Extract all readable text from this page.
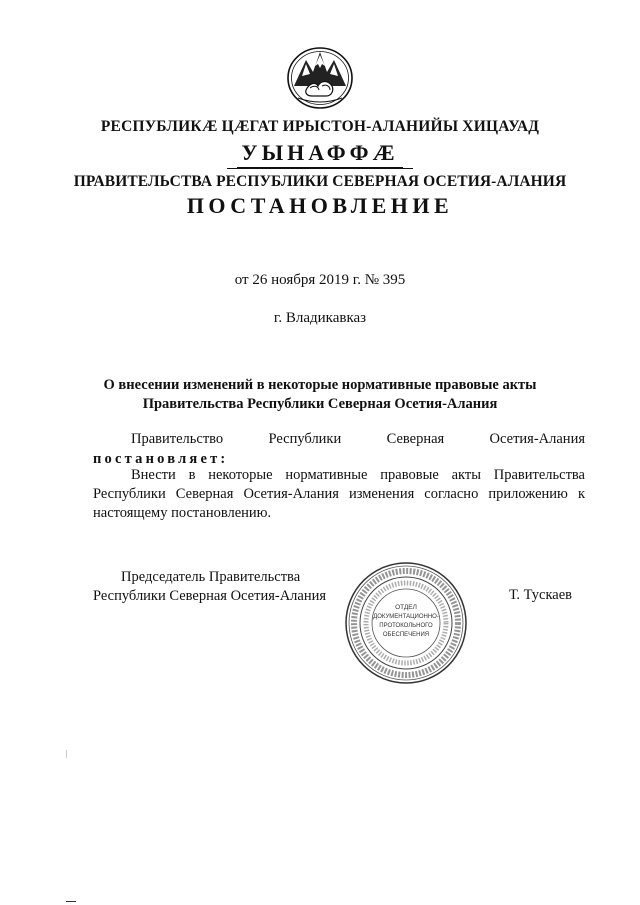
РЕСПУБЛИКӔ ЦӔГАТ ИРЫСТОН-АЛАНИЙЫ ХИЦАУАД
УЫНАФФӔ
ПРАВИТЕЛЬСТВА РЕСПУБЛИКИ СЕВЕРНАЯ ОСЕТИЯ-АЛАНИЯ
ПОСТАНОВЛЕНИЕ
от 26 ноября 2019 г. № 395
г. Владикавказ
О внесении изменений в некоторые нормативные правовые акты
Правительства Республики Северная Осетия-Алания
Правительство	Республики	Северная	Осетия-Алания
постановляет:
Внести в некоторые нормативные правовые акты Правительства
Республики Северная Осетия-Алания изменения согласно приложению к настоящему постановлению.
Председатель Правительства
Республики Северная Осетия-Алания	Т. Тускаев
ОТДЕЛ
ДОКУМЕНТАЦИОННО-
ПРОТОКОЛЬНОГО
ОБЕСПЕЧЕНИЯ
